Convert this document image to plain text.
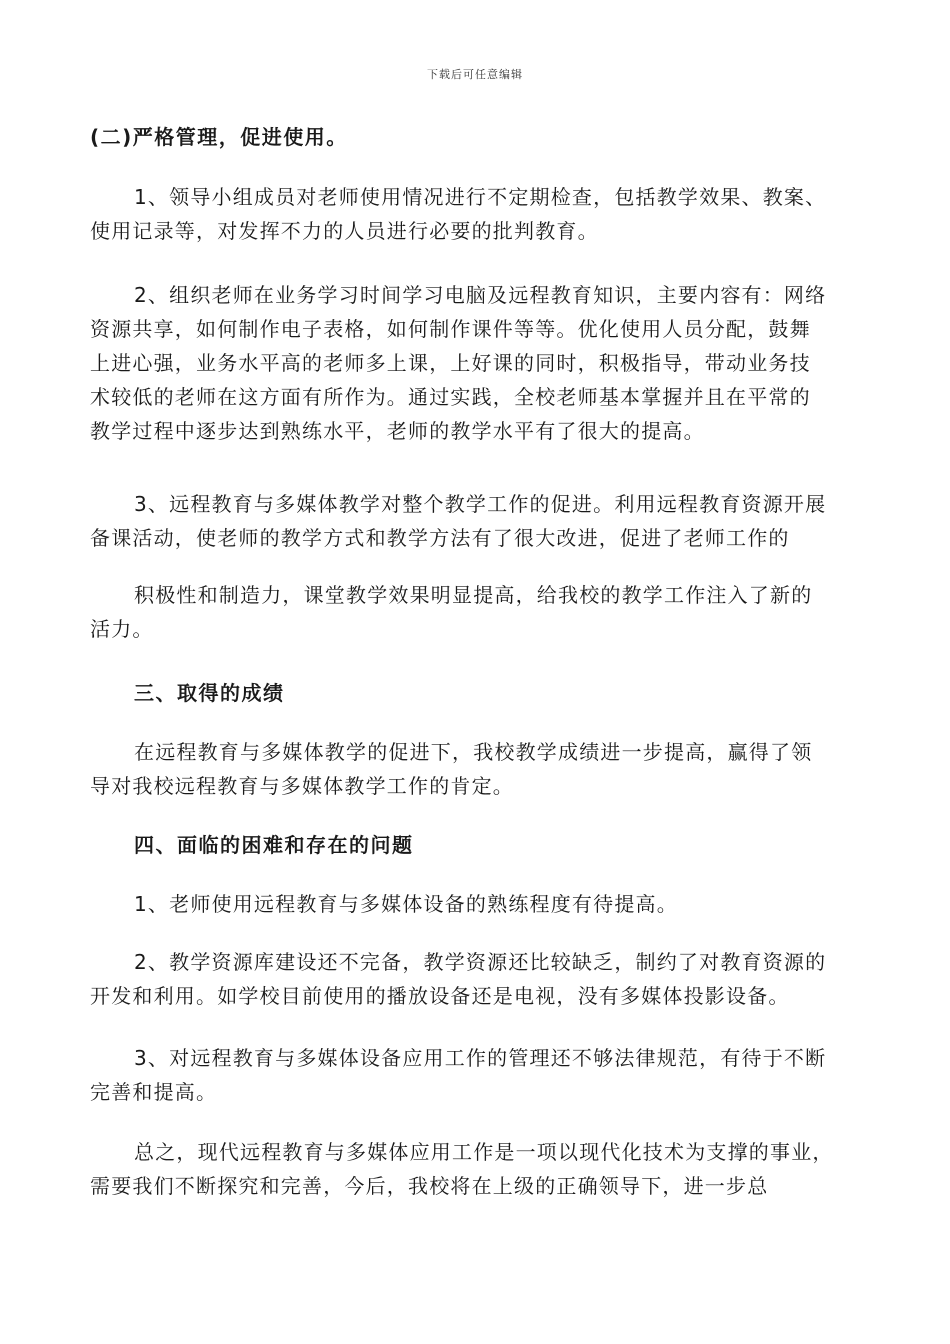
下载后可任意编辑
(二)严格管理，促进使用。
1、领导小组成员对老师使用情况进行不定期检查，包括教学效果、教案、
使用记录等，对发挥不力的人员进行必要的批判教育。
2、组织老师在业务学习时间学习电脑及远程教育知识，主要内容有：网络
资源共享，如何制作电子表格，如何制作课件等等。优化使用人员分配，鼓舞
上进心强，业务水平高的老师多上课，上好课的同时，积极指导，带动业务技
术较低的老师在这方面有所作为。通过实践，全校老师基本掌握并且在平常的
教学过程中逐步达到熟练水平，老师的教学水平有了很大的提高。
3、远程教育与多媒体教学对整个教学工作的促进。利用远程教育资源开展
备课活动，使老师的教学方式和教学方法有了很大改进，促进了老师工作的
积极性和制造力，课堂教学效果明显提高，给我校的教学工作注入了新的
活力。
三、取得的成绩
在远程教育与多媒体教学的促进下，我校教学成绩进一步提高，赢得了领
导对我校远程教育与多媒体教学工作的肯定。
四、面临的困难和存在的问题
1、老师使用远程教育与多媒体设备的熟练程度有待提高。
2、教学资源库建设还不完备，教学资源还比较缺乏，制约了对教育资源的
开发和利用。如学校目前使用的播放设备还是电视，没有多媒体投影设备。
3、对远程教育与多媒体设备应用工作的管理还不够法律规范，有待于不断
完善和提高。
总之，现代远程教育与多媒体应用工作是一项以现代化技术为支撑的事业，
需要我们不断探究和完善，今后，我校将在上级的正确领导下，进一步总
